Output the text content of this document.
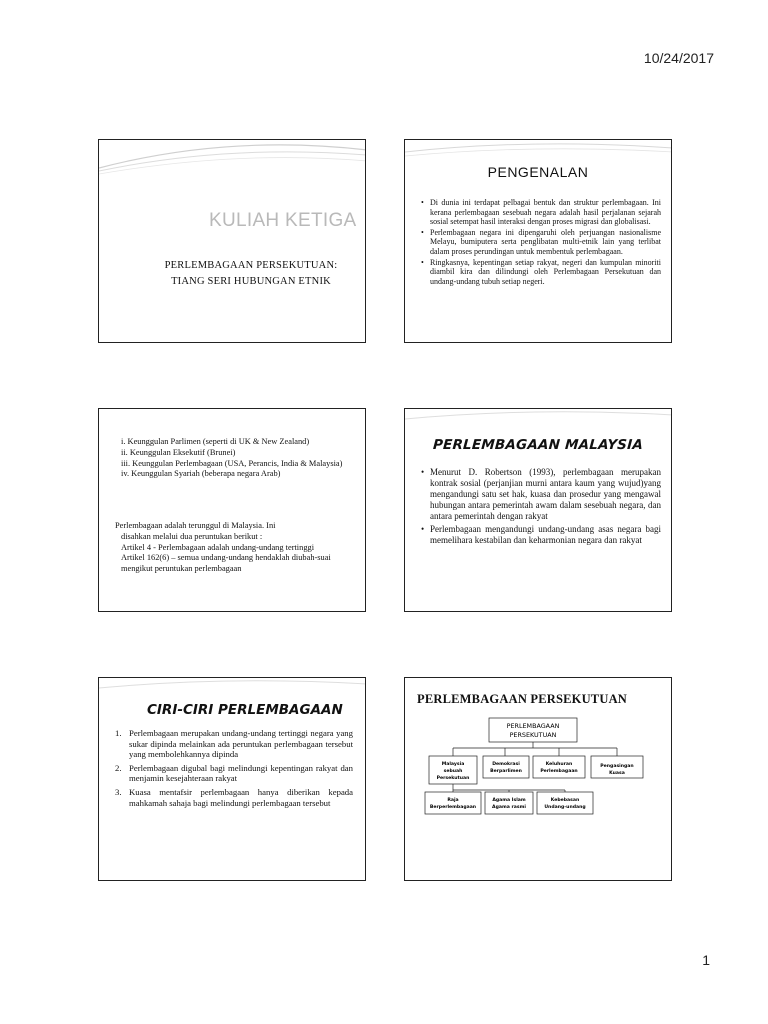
10/24/2017
KULIAH KETIGA
PERLEMBAGAAN PERSEKUTUAN:
TIANG SERI HUBUNGAN ETNIK
PENGENALAN
• Di dunia ini terdapat pelbagai bentuk dan struktur perlembagaan. Ini kerana perlembagaan sesebuah negara adalah hasil perjalanan sejarah sosial setempat hasil interaksi dengan proses migrasi dan globalisasi.
• Perlembagaan negara ini dipengaruhi oleh perjuangan nasionalisme Melayu, bumiputera serta penglibatan multi-etnik lain yang terlibat dalam proses perundingan untuk membentuk perlembagaan.
• Ringkasnya, kepentingan setiap rakyat, negeri dan kumpulan minoriti diambil kira dan dilindungi oleh Perlembagaan Persekutuan dan undang-undang tubuh setiap negeri.
i. Keunggulan Parlimen (seperti di UK & New Zealand)
ii. Keunggulan Eksekutif (Brunei)
iii. Keunggulan Perlembagaan (USA, Perancis, India & Malaysia)
iv. Keunggulan Syariah (beberapa negara Arab)
Perlembagaan adalah terunggul di Malaysia. Ini
disahkan melalui dua peruntukan berikut :
Artikel 4 - Perlembagaan adalah undang-undang tertinggi
Artikel 162(6) – semua undang-undang hendaklah diubah-suai mengikut peruntukan perlembagaan
PERLEMBAGAAN MALAYSIA
• Menurut D. Robertson (1993), perlembagaan merupakan kontrak sosial (perjanjian murni antara kaum yang wujud)yang mengandungi satu set hak, kuasa dan prosedur yang mengawal hubungan antara pemerintah awam dalam sesebuah negara, dan antara pemerintah dengan rakyat
• Perlembagaan mengandungi undang-undang asas negara bagi memelihara kestabilan dan keharmonian negara dan rakyat
CIRI-CIRI PERLEMBAGAAN
1. Perlembagaan merupakan undang-undang tertinggi negara yang sukar dipinda melainkan ada peruntukan perlembagaan tersebut yang membolehkannya dipinda
2. Perlembagaan digubal bagi melindungi kepentingan rakyat dan menjamin kesejahteraan rakyat
3. Kuasa mentafsir perlembagaan hanya diberikan kepada mahkamah sahaja bagi melindungi perlembagaan tersebut
PERLEMBAGAAN PERSEKUTUAN
PERLEMBAGAAN
PERSEKUTUAN
Malaysia
sebuah
Persekutuan
Demokrasi
Berparlimen
Keluhuran
Perlembagaan
Pengasingan
Kuasa
Raja
Berperlembagaan
Agama Islam
Agama rasmi
Kebebasan
Undang-undang
1
